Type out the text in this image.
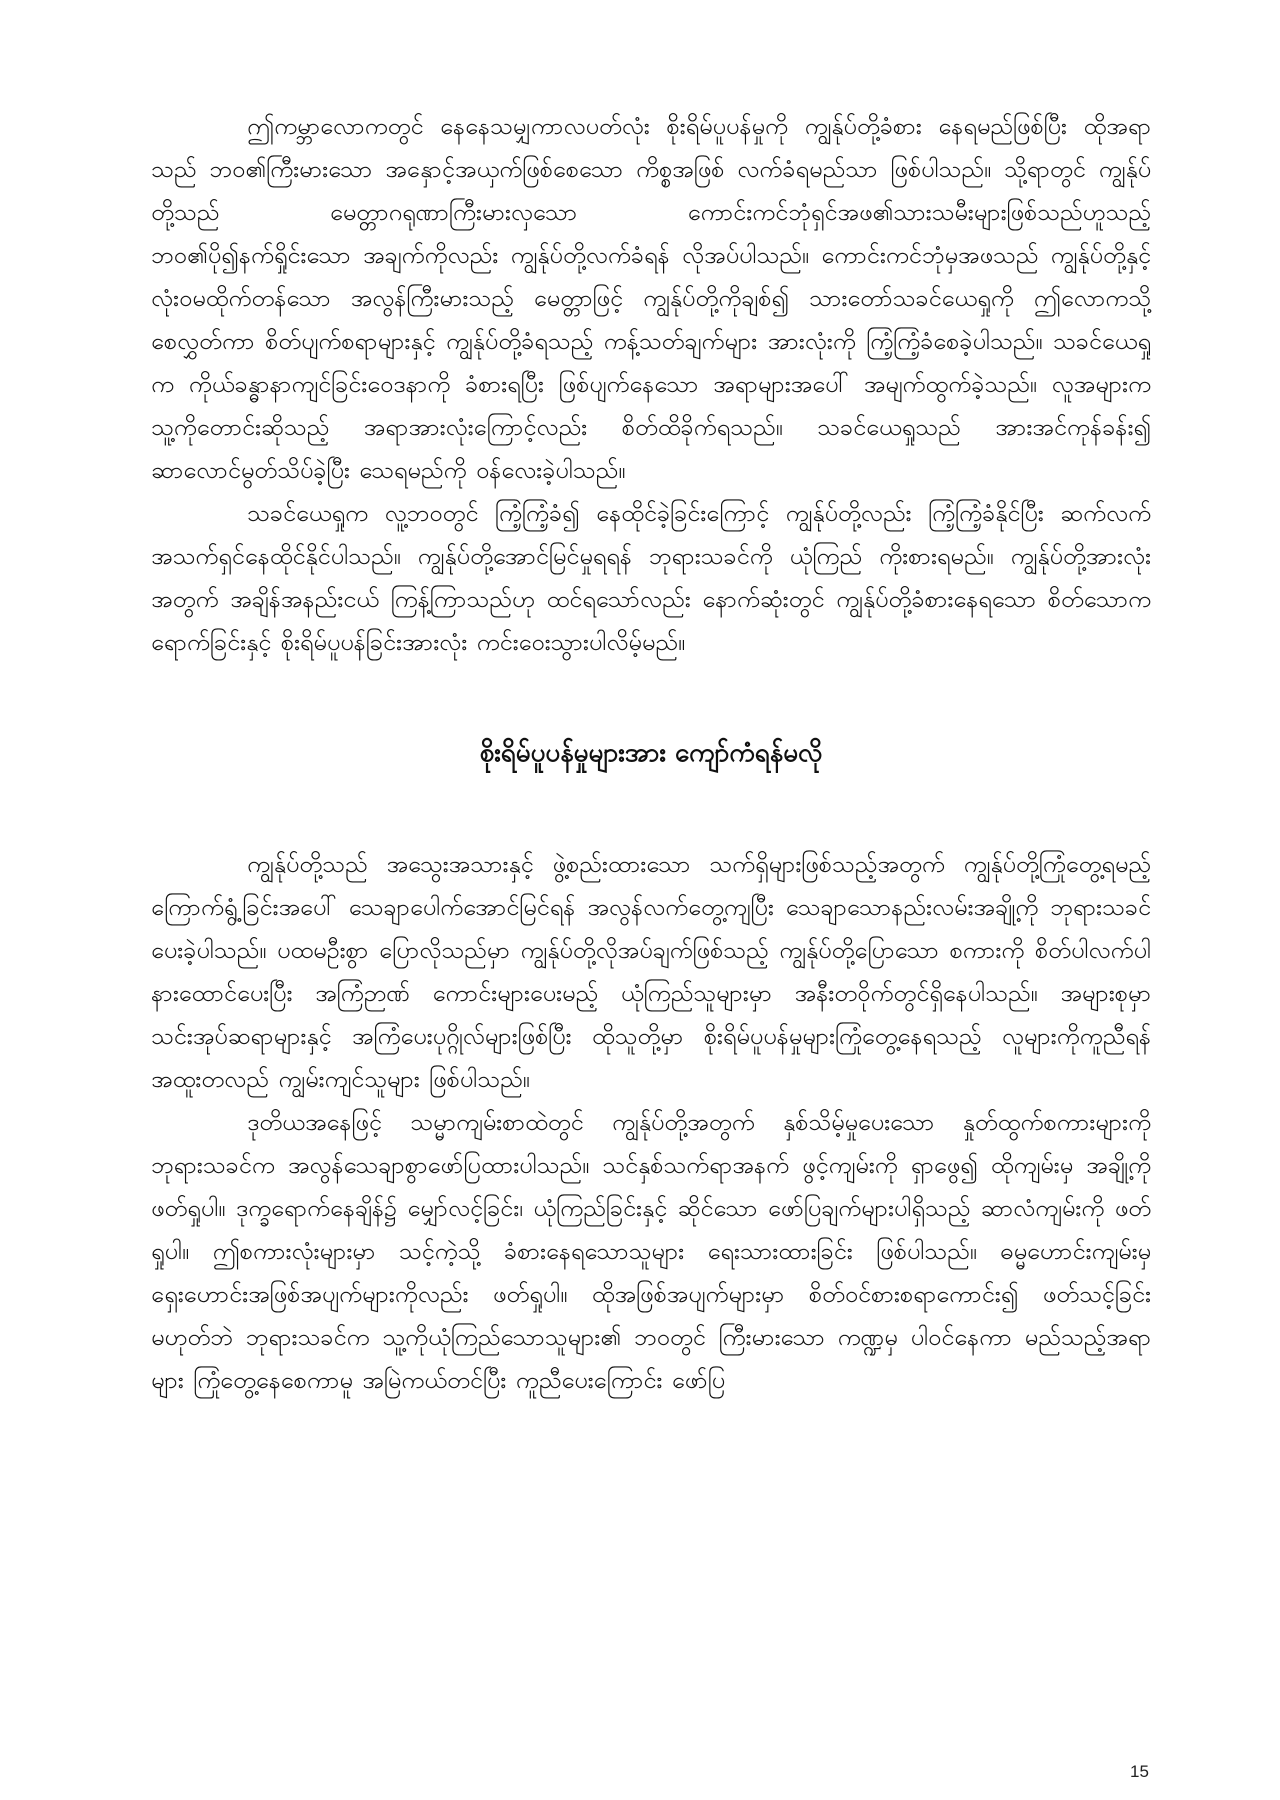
ဤကမ္ဘာလောကတွင် နေနေသမျှကာလပတ်လုံး စိုးရိမ်ပူပန်မှုကို ကျွန်ုပ်တို့ခံစား နေရမည်ဖြစ်ပြီး ထိုအရာသည် ဘဝ၏ကြီးမားသော အနှောင့်အယှက်ဖြစ်စေသော ကိစ္စအဖြစ် လက်ခံရမည်သာ ဖြစ်ပါသည်။ သို့ရာတွင် ကျွန်ုပ်တို့သည် မေတ္တာဂရုဏာကြီးမားလှသော ကောင်းကင်ဘုံရှင်အဖ၏သားသမီးများဖြစ်သည်ဟူသည့် ဘဝ၏ပို၍နက်ရှိုင်းသော အချက်ကိုလည်း ကျွန်ုပ်တို့လက်ခံရန် လိုအပ်ပါသည်။ ကောင်းကင်ဘုံမှအဖသည် ကျွန်ုပ်တို့နှင့် လုံးဝမထိုက်တန်သော အလွန်ကြီးမားသည့် မေတ္တာဖြင့် ကျွန်ုပ်တို့ကိုချစ်၍ သားတော်သခင်ယေရှုကို ဤလောကသို့ စေလွှတ်ကာ စိတ်ပျက်စရာများနှင့် ကျွန်ုပ်တို့ခံရသည့် ကန့်သတ်ချက်များ အားလုံးကို ကြံ့ကြံ့ခံစေခဲ့ပါသည်။ သခင်ယေရှုက ကိုယ်ခန္ဓာနာကျင်ခြင်းဝေဒနာကို ခံစားရပြီး ဖြစ်ပျက်နေသော အရာများအပေါ် အမျက်ထွက်ခဲ့သည်။ လူအများက သူ့ကိုတောင်းဆိုသည့် အရာအားလုံးကြောင့်လည်း စိတ်ထိခိုက်ရသည်။ သခင်ယေရှုသည် အားအင်ကုန်ခန်း၍ ဆာလောင်မွတ်သိပ်ခဲ့ပြီး သေရမည်ကို ဝန်လေးခဲ့ပါသည်။

သခင်ယေရှုက လူ့ဘဝတွင် ကြံ့ကြံ့ခံ၍ နေထိုင်ခဲ့ခြင်းကြောင့် ကျွန်ုပ်တို့လည်း ကြံ့ကြံ့ခံနိုင်ပြီး ဆက်လက်အသက်ရှင်နေထိုင်နိုင်ပါသည်။ ကျွန်ုပ်တို့အောင်မြင်မှုရရန် ဘုရားသခင်ကို ယုံကြည် ကိုးစားရမည်။ ကျွန်ုပ်တို့အားလုံးအတွက် အချိန်အနည်းငယ် ကြန့်ကြာသည်ဟု ထင်ရသော်လည်း နောက်ဆုံးတွင် ကျွန်ုပ်တို့ခံစားနေရသော စိတ်သောကရောက်ခြင်းနှင့် စိုးရိမ်ပူပန်ခြင်းအားလုံး ကင်းဝေးသွားပါလိမ့်မည်။

စိုးရိမ်ပူပန်မှုများအား ကျော်ကံရန်မလို

ကျွန်ုပ်တို့သည် အသွေးအသားနှင့် ဖွဲ့စည်းထားသော သက်ရှိများဖြစ်သည့်အတွက် ကျွန်ုပ်တို့ကြုံတွေ့ရမည့် ကြောက်ရွံ့ခြင်းအပေါ် သေချာပေါက်အောင်မြင်ရန် အလွန်လက်တွေ့ကျပြီး သေချာသောနည်းလမ်းအချို့ကို ဘုရားသခင်ပေးခဲ့ပါသည်။ ပထမဦးစွာ ပြောလိုသည်မှာ ကျွန်ုပ်တို့လိုအပ်ချက်ဖြစ်သည့် ကျွန်ုပ်တို့ပြောသော စကားကို စိတ်ပါလက်ပါ နားထောင်ပေးပြီး အကြံဉာဏ် ကောင်းများပေးမည့် ယုံကြည်သူများမှာ အနီးတဝိုက်တွင်ရှိနေပါသည်။ အများစုမှာ သင်းအုပ်ဆရာများနှင့် အကြံပေးပုဂ္ဂိုလ်များဖြစ်ပြီး ထိုသူတို့မှာ စိုးရိမ်ပူပန်မှုများကြုံတွေ့နေရသည့် လူများကိုကူညီရန် အထူးတလည် ကျွမ်းကျင်သူများ ဖြစ်ပါသည်။

ဒုတိယအနေဖြင့် သမ္မာကျမ်းစာထဲတွင် ကျွန်ုပ်တို့အတွက် နှစ်သိမ့်မှုပေးသော နှုတ်ထွက်စကားများကို ဘုရားသခင်က အလွန်သေချာစွာဖော်ပြထားပါသည်။ သင်နှစ်သက်ရာအနက် ဖွင့်ကျမ်းကို ရှာဖွေ၍ ထိုကျမ်းမှ အချို့ကိုဖတ်ရှုပါ။ ဒုက္ခရောက်နေချိန်၌ မျှော်လင့်ခြင်း၊ ယုံကြည်ခြင်းနှင့် ဆိုင်သော ဖော်ပြချက်များပါရှိသည့် ဆာလံကျမ်းကို ဖတ်ရှုပါ။ ဤစကားလုံးများမှာ သင့်ကဲ့သို့ ခံစားနေရသောသူများ ရေးသားထားခြင်း ဖြစ်ပါသည်။ ဓမ္မဟောင်းကျမ်းမှ ရှေးဟောင်းအဖြစ်အပျက်များကိုလည်း ဖတ်ရှုပါ။ ထိုအဖြစ်အပျက်များမှာ စိတ်ဝင်စားစရာကောင်း၍ ဖတ်သင့်ခြင်း မဟုတ်ဘဲ ဘုရားသခင်က သူ့ကိုယုံကြည်သောသူများ၏ ဘဝတွင် ကြီးမားသော ကဏ္ဍမှ ပါဝင်နေကာ မည်သည့်အရာများ ကြုံတွေ့နေစေကာမူ အမြဲကယ်တင်ပြီး ကူညီပေးကြောင်း ဖော်ပြ

15
